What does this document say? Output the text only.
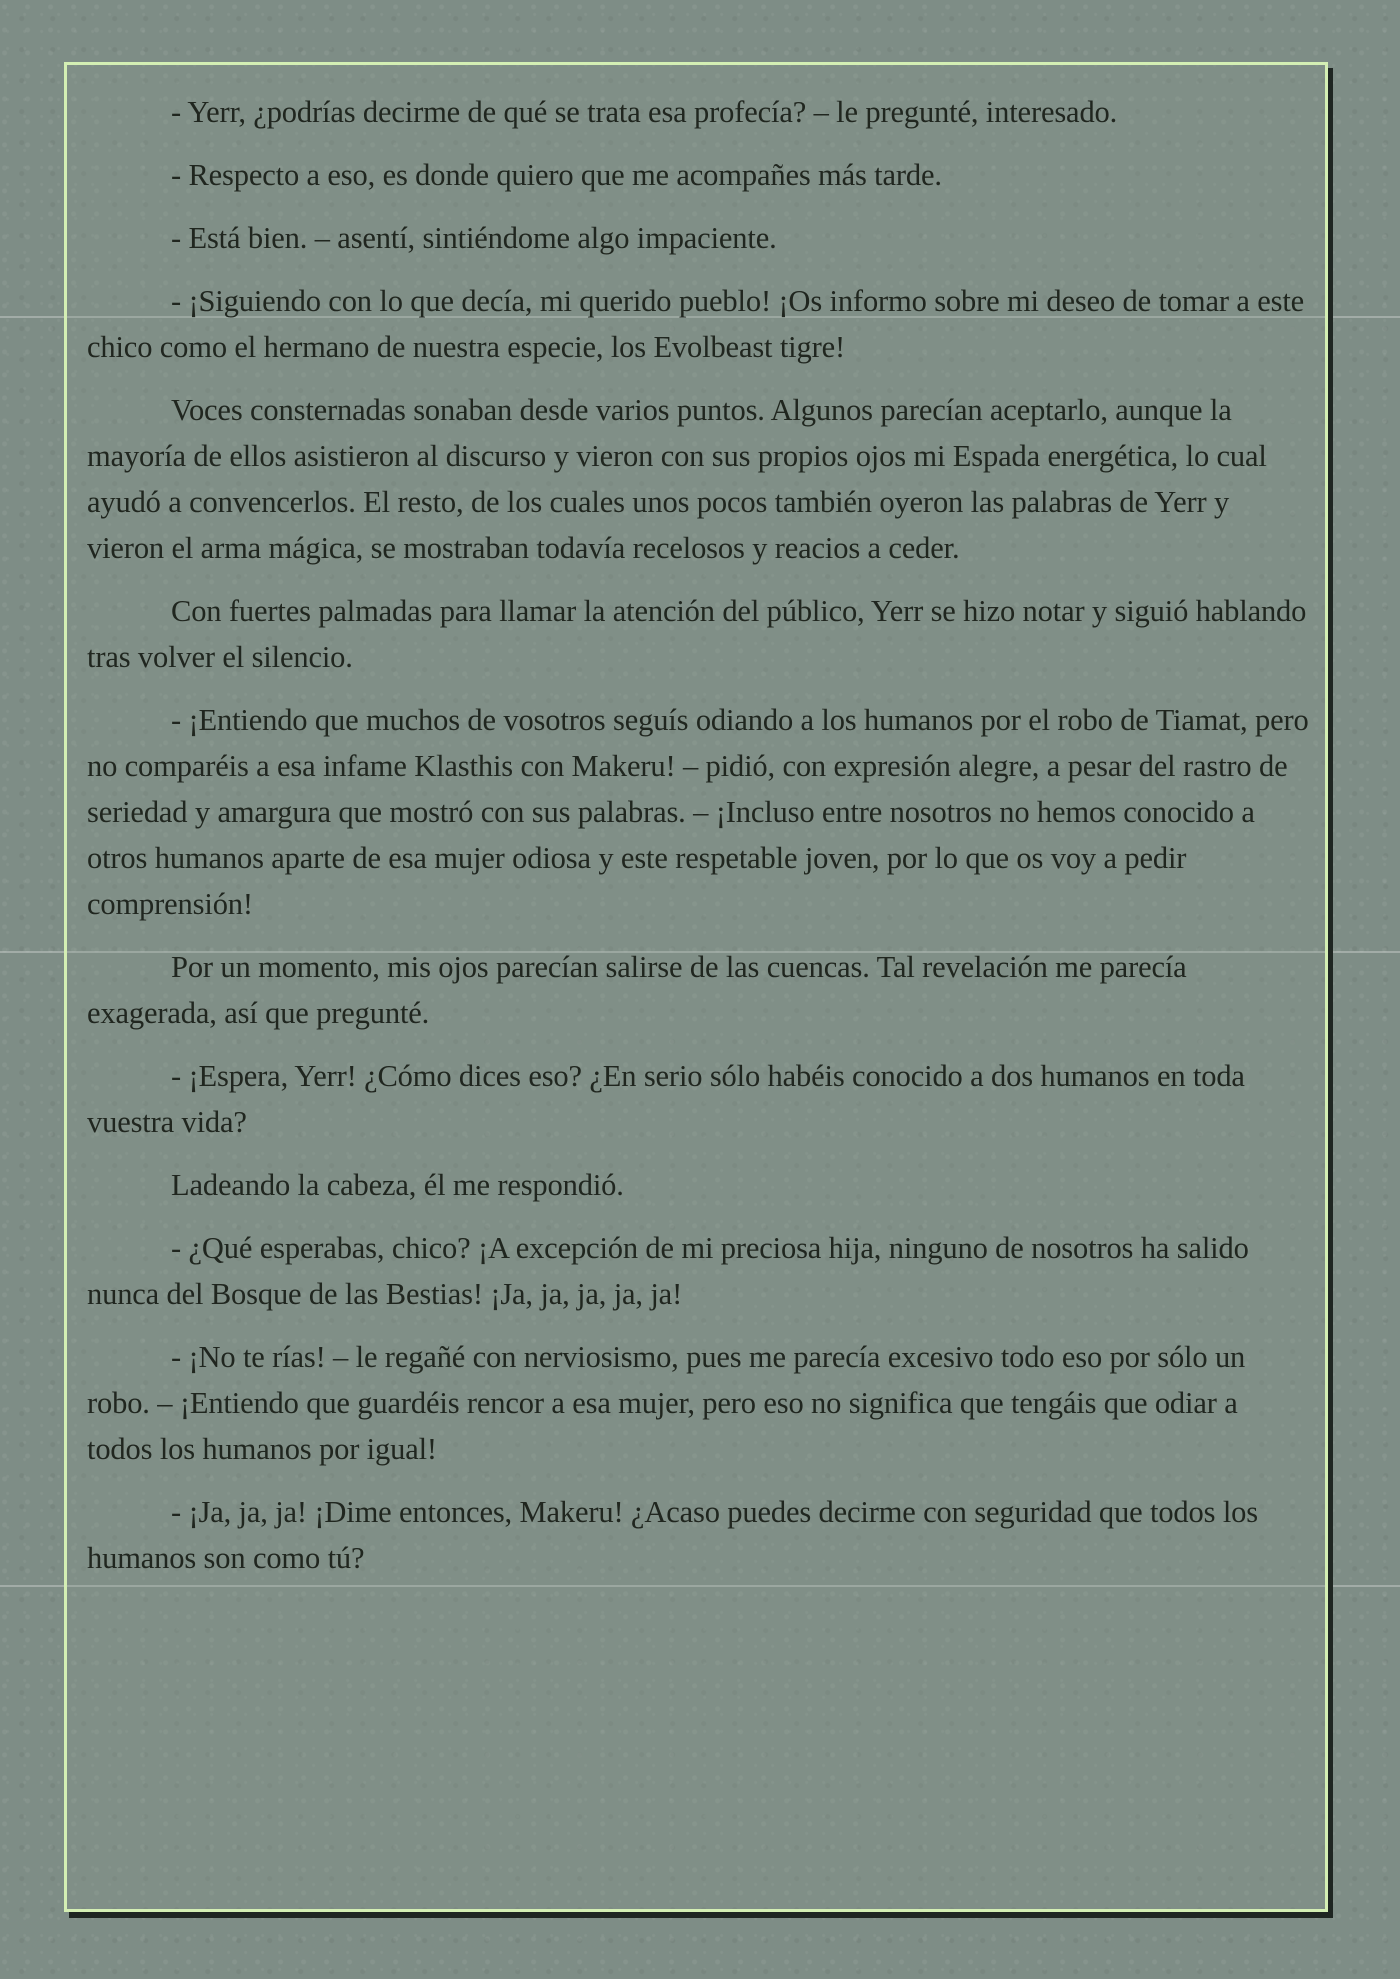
- Yerr, ¿podrías decirme de qué se trata esa profecía? – le pregunté, interesado.

- Respecto a eso, es donde quiero que me acompañes más tarde.

- Está bien. – asentí, sintiéndome algo impaciente.

- ¡Siguiendo con lo que decía, mi querido pueblo! ¡Os informo sobre mi deseo de tomar a este chico como el hermano de nuestra especie, los Evolbeast tigre!

Voces consternadas sonaban desde varios puntos. Algunos parecían aceptarlo, aunque la mayoría de ellos asistieron al discurso y vieron con sus propios ojos mi Espada energética, lo cual ayudó a convencerlos. El resto, de los cuales unos pocos también oyeron las palabras de Yerr y vieron el arma mágica, se mostraban todavía recelosos y reacios a ceder.

Con fuertes palmadas para llamar la atención del público, Yerr se hizo notar y siguió hablando tras volver el silencio.

- ¡Entiendo que muchos de vosotros seguís odiando a los humanos por el robo de Tiamat, pero no comparéis a esa infame Klasthis con Makeru! – pidió, con expresión alegre, a pesar del rastro de seriedad y amargura que mostró con sus palabras. – ¡Incluso entre nosotros no hemos conocido a otros humanos aparte de esa mujer odiosa y este respetable joven, por lo que os voy a pedir comprensión!

Por un momento, mis ojos parecían salirse de las cuencas. Tal revelación me parecía exagerada, así que pregunté.

- ¡Espera, Yerr! ¿Cómo dices eso? ¿En serio sólo habéis conocido a dos humanos en toda vuestra vida?

Ladeando la cabeza, él me respondió.

- ¿Qué esperabas, chico? ¡A excepción de mi preciosa hija, ninguno de nosotros ha salido nunca del Bosque de las Bestias! ¡Ja, ja, ja, ja, ja!

- ¡No te rías! – le regañé con nerviosismo, pues me parecía excesivo todo eso por sólo un robo. – ¡Entiendo que guardéis rencor a esa mujer, pero eso no significa que tengáis que odiar a todos los humanos por igual!

- ¡Ja, ja, ja! ¡Dime entonces, Makeru! ¿Acaso puedes decirme con seguridad que todos los humanos son como tú?
